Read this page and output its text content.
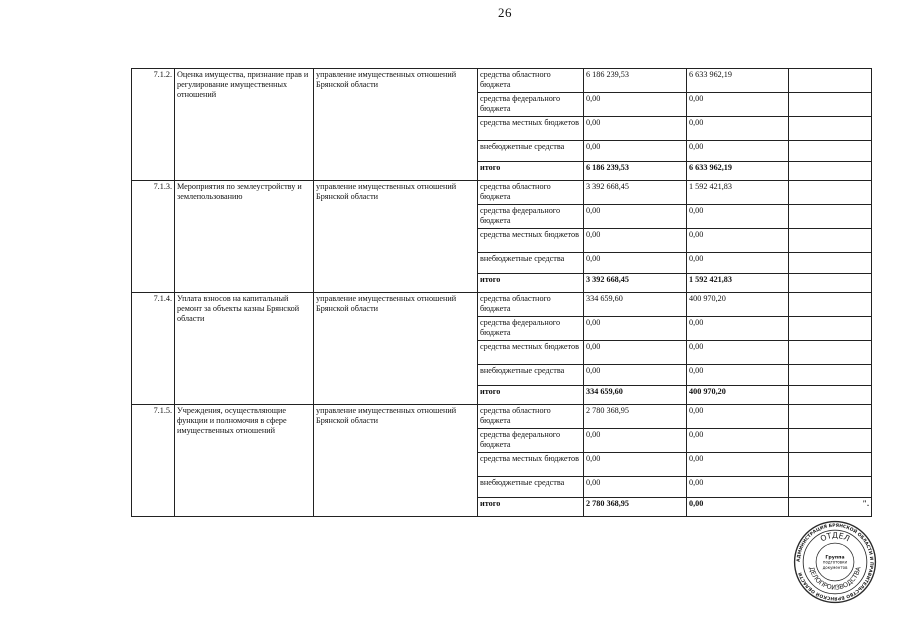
26
7.1.2.	Оценка имущества, признание прав и регулирование имущественных отношений	управление имущественных отношений Брянской области	средства областного бюджета	6 186 239,53	6 633 962,19	
			средства федерального бюджета	0,00	0,00	
			средства местных бюджетов	0,00	0,00	
			внебюджетные средства	0,00	0,00	
			итого	6 186 239,53	6 633 962,19	
7.1.3.	Мероприятия по землеустройству и землепользованию	управление имущественных отношений Брянской области	средства областного бюджета	3 392 668,45	1 592 421,83	
			средства федерального бюджета	0,00	0,00	
			средства местных бюджетов	0,00	0,00	
			внебюджетные средства	0,00	0,00	
			итого	3 392 668,45	1 592 421,83	
7.1.4.	Уплата взносов на капитальный ремонт за объекты казны Брянской области	управление имущественных отношений Брянской области	средства областного бюджета	334 659,60	400 970,20	
			средства федерального бюджета	0,00	0,00	
			средства местных бюджетов	0,00	0,00	
			внебюджетные средства	0,00	0,00	
			итого	334 659,60	400 970,20	
7.1.5.	Учреждения, осуществляющие функции и полномочия в сфере имущественных отношений	управление имущественных отношений Брянской области	средства областного бюджета	2 780 368,95	0,00	
			средства федерального бюджета	0,00	0,00	
			средства местных бюджетов	0,00	0,00	
			внебюджетные средства	0,00	0,00	
			итого	2 780 368,95	0,00	".
АДМИНИСТРАЦИЯ БРЯНСКОЙ ОБЛАСТИ И ПРАВИТЕЛЬСТВО БРЯНСКОЙ ОБЛАСТИ
ОТДЕЛ
ДЕЛОПРОИЗВОДСТВА
Группа
подготовки
документов
